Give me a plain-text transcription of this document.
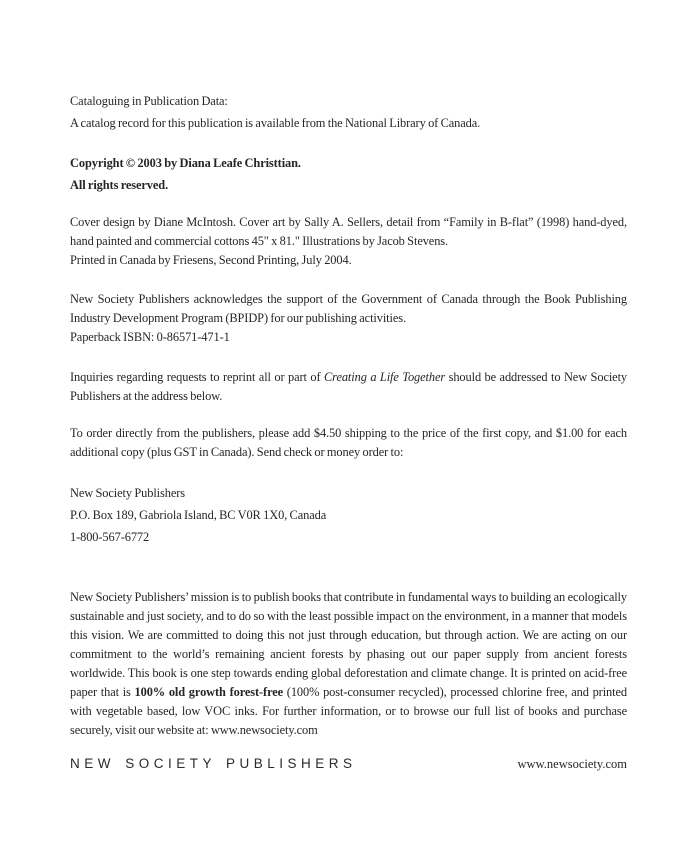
Cataloguing in Publication Data:

A catalog record for this publication is available from the National Library of Canada.

Copyright © 2003 by Diana Leafe Christtian.

All rights reserved.

Cover design by Diane McIntosh. Cover art by Sally A. Sellers, detail from “Family in B-flat” (1998) hand-dyed, hand painted and commercial cottons 45" x 81." Illustrations by Jacob Stevens.

Printed in Canada by Friesens, Second Printing, July 2004.

New Society Publishers acknowledges the support of the Government of Canada through the Book Publishing Industry Development Program (BPIDP) for our publishing activities.

Paperback ISBN: 0-86571-471-1

Inquiries regarding requests to reprint all or part of Creating a Life Together should be addressed to New Society Publishers at the address below.

To order directly from the publishers, please add $4.50 shipping to the price of the first copy, and $1.00 for each additional copy (plus GST in Canada). Send check or money order to:

New Society Publishers

P.O. Box 189, Gabriola Island, BC V0R 1X0, Canada

1-800-567-6772

New Society Publishers’ mission is to publish books that contribute in fundamental ways to building an ecologically sustainable and just society, and to do so with the least possible impact on the environment, in a manner that models this vision. We are committed to doing this not just through education, but through action. We are acting on our commitment to the world’s remaining ancient forests by phasing out our paper supply from ancient forests worldwide. This book is one step towards ending global deforestation and climate change. It is printed on acid-free paper that is 100% old growth forest-free (100% post-consumer recycled), processed chlorine free, and printed with vegetable based, low VOC inks. For further information, or to browse our full list of books and purchase securely, visit our website at: www.newsociety.com

NEW SOCIETY PUBLISHERS	www.newsociety.com
